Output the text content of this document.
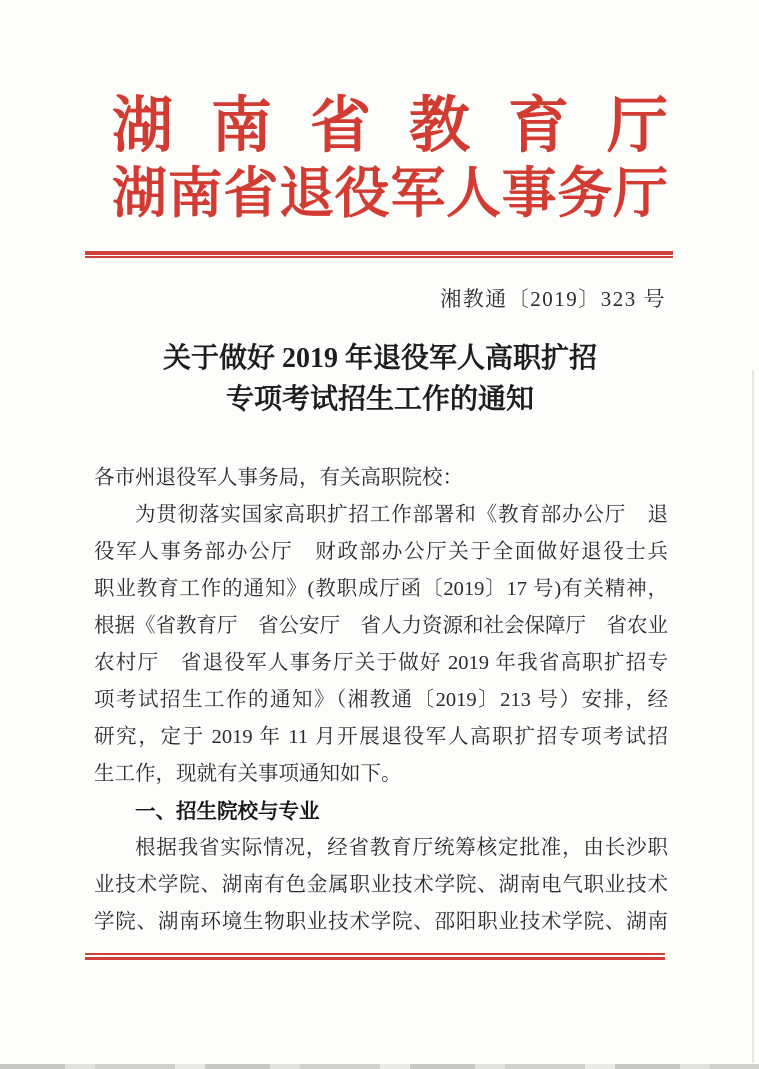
湖南省教育厅
湖南省退役军人事务厅
湘教通〔2019〕323 号
关于做好 2019 年退役军人高职扩招
专项考试招生工作的通知
各市州退役军人事务局，有关高职院校：
为贯彻落实国家高职扩招工作部署和《教育部办公厅　退
役军人事务部办公厅　财政部办公厅关于全面做好退役士兵
职业教育工作的通知》(教职成厅函〔2019〕17 号)有关精神，
根据《省教育厅　省公安厅　省人力资源和社会保障厅　省农业
农村厅　省退役军人事务厅关于做好 2019 年我省高职扩招专
项考试招生工作的通知》（湘教通〔2019〕213 号）安排，经
研究，定于 2019 年 11 月开展退役军人高职扩招专项考试招
生工作，现就有关事项通知如下。
一、招生院校与专业
根据我省实际情况，经省教育厅统筹核定批准，由长沙职
业技术学院、湖南有色金属职业技术学院、湖南电气职业技术
学院、湖南环境生物职业技术学院、邵阳职业技术学院、湖南
